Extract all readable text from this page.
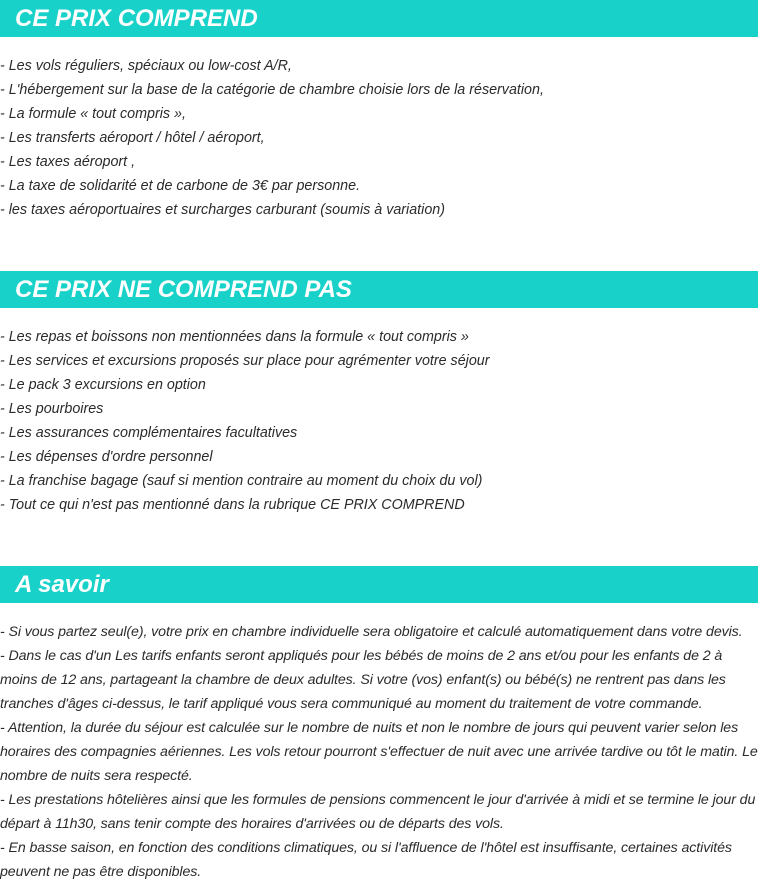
CE PRIX COMPREND
- Les vols réguliers, spéciaux ou low-cost A/R,
- L'hébergement sur la base de la catégorie de chambre choisie lors de la réservation,
- La formule « tout compris »,
- Les transferts aéroport / hôtel / aéroport,
- Les taxes aéroport ,
- La taxe de solidarité et de carbone de 3€ par personne.
- les taxes aéroportuaires et surcharges carburant (soumis à variation)
CE PRIX NE COMPREND PAS
- Les repas et boissons non mentionnées dans la formule « tout compris »
- Les services et excursions proposés sur place pour agrémenter votre séjour
- Le pack 3 excursions en option
- Les pourboires
- Les assurances complémentaires facultatives
- Les dépenses d'ordre personnel
- La franchise bagage (sauf si mention contraire au moment du choix du vol)
- Tout ce qui n'est pas mentionné dans la rubrique CE PRIX COMPREND
A savoir
- Si vous partez seul(e), votre prix en chambre individuelle sera obligatoire et calculé automatiquement dans votre devis.
- Dans le cas d'un Les tarifs enfants seront appliqués pour les bébés de moins de 2 ans et/ou pour les enfants de 2 à moins de 12 ans, partageant la chambre de deux adultes. Si votre (vos) enfant(s) ou bébé(s) ne rentrent pas dans les tranches d'âges ci-dessus, le tarif appliqué vous sera communiqué au moment du traitement de votre commande.
- Attention, la durée du séjour est calculée sur le nombre de nuits et non le nombre de jours qui peuvent varier selon les horaires des compagnies aériennes. Les vols retour pourront s'effectuer de nuit avec une arrivée tardive ou tôt le matin. Le nombre de nuits sera respecté.
- Les prestations hôtelières ainsi que les formules de pensions commencent le jour d'arrivée à midi et se termine le jour du départ à 11h30, sans tenir compte des horaires d'arrivées ou de départs des vols.
- En basse saison, en fonction des conditions climatiques, ou si l'affluence de l'hôtel est insuffisante, certaines activités peuvent ne pas être disponibles.
